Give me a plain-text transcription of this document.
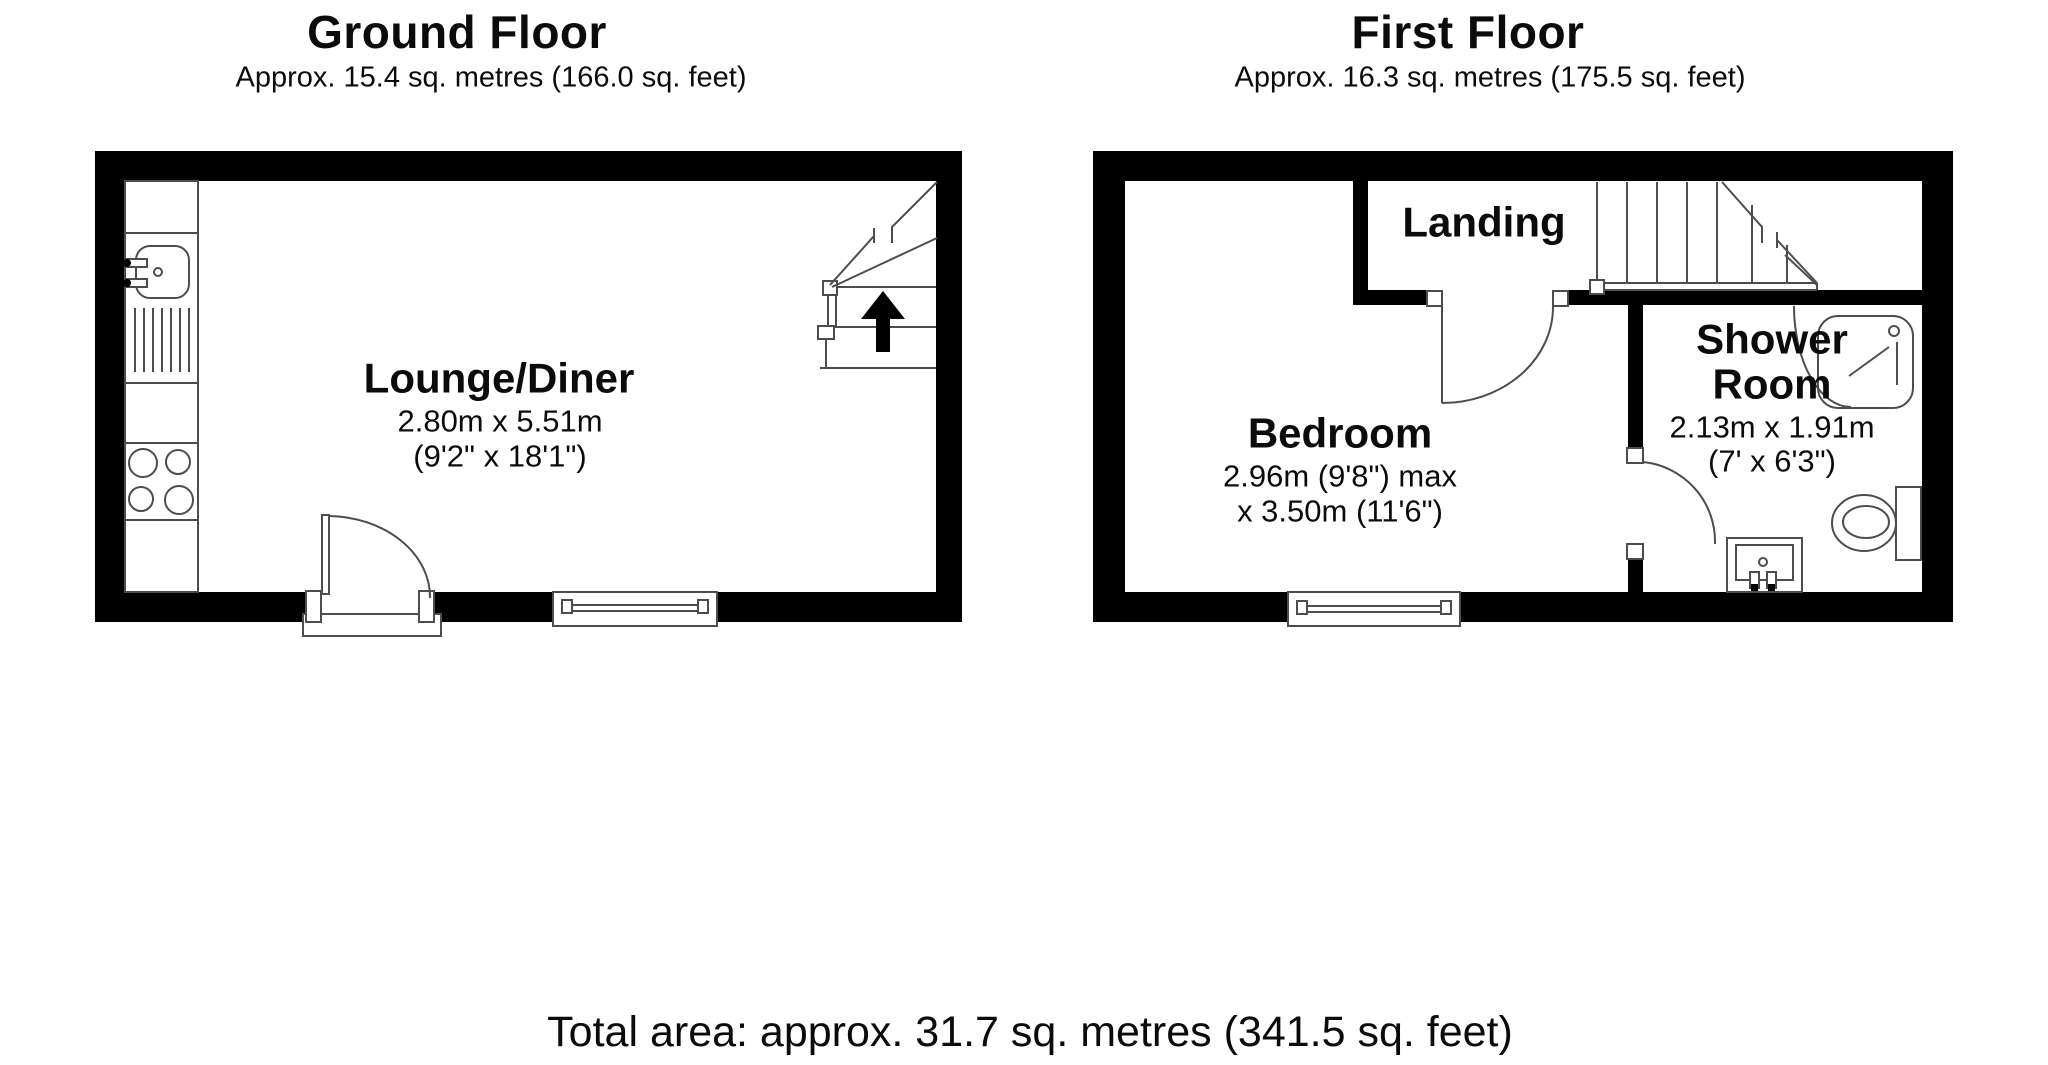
Ground Floor
Approx. 15.4 sq. metres (166.0 sq. feet)
First Floor
Approx. 16.3 sq. metres (175.5 sq. feet)
Lounge/Diner
2.80m x 5.51m
(9'2" x 18'1")
Landing
Bedroom
2.96m (9'8") max
x 3.50m (11'6")
Shower Room
2.13m x 1.91m
(7' x 6'3")
Total area: approx. 31.7 sq. metres (341.5 sq. feet)
